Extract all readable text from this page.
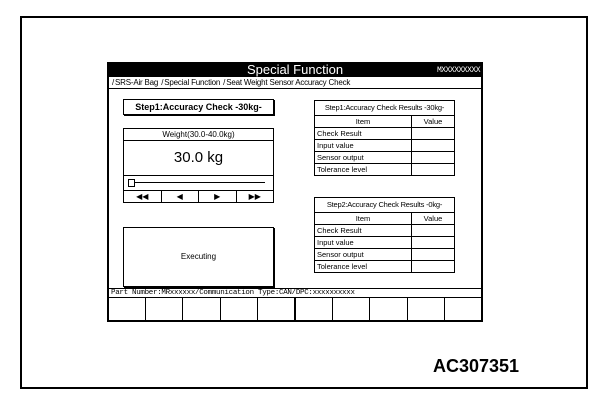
Special Function	MXXXXXXXXX
/SRS-Air Bag /Special Function /Seat Weight Sensor Accuracy Check
Step1:Accuracy Check -30kg-
Weight(30.0-40.0kg)
30.0 kg
◀◀	◀	▶	▶▶
Executing
Step1:Accuracy Check Results -30kg-	
Item	Value
Check Result	
Input value	
Sensor output	
Tolerance level	
Step2:Accuracy Check Results -0kg-	
Item	Value
Check Result	
Input value	
Sensor output	
Tolerance level	
Part Number:MRxxxxxx/Communication Type:CAN/DPC:xxxxxxxxxx
AC307351
